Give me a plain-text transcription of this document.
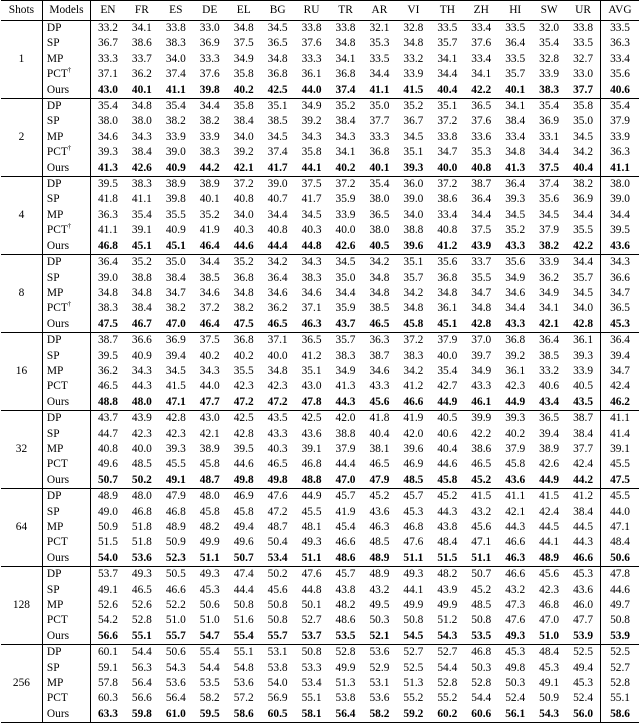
Shots	Models	EN	FR	ES	DE	EL	BG	RU	TR	AR	VI	TH	ZH	HI	SW	UR	AVG
1	DP	33.2	34.1	33.8	33.0	34.8	34.5	33.8	33.8	32.1	32.8	33.5	33.4	33.5	32.0	33.8	33.5
	SP	36.7	38.6	38.3	36.9	37.5	36.5	37.6	34.8	35.3	34.8	35.7	37.6	36.4	35.4	33.5	36.3
	MP	33.3	33.7	34.0	33.3	34.9	34.8	33.3	34.1	33.5	33.2	34.1	33.4	33.5	32.8	32.7	33.4
	PCT†	37.1	36.2	37.4	37.6	35.8	36.8	36.1	36.8	34.4	33.9	34.4	34.1	35.7	33.9	33.0	35.6
	Ours	43.0	40.1	41.1	39.8	40.2	42.5	44.0	37.4	41.1	41.5	40.4	42.2	40.1	38.3	37.7	40.6
2	DP	35.4	34.8	35.4	34.4	35.8	35.1	34.9	35.2	35.0	35.2	35.1	36.5	34.1	35.4	35.8	35.4
	SP	38.0	38.0	38.2	38.2	38.4	38.5	39.2	38.4	37.7	36.7	37.2	37.6	38.4	36.9	35.0	37.9
	MP	34.6	34.3	33.9	33.9	34.0	34.5	34.3	34.3	33.3	34.5	33.8	33.6	33.4	33.1	34.5	33.9
	PCT†	39.3	38.4	39.0	38.3	39.2	37.4	35.8	34.1	36.8	35.1	34.7	35.3	34.8	34.4	34.2	36.3
	Ours	41.3	42.6	40.9	44.2	42.1	41.7	44.1	40.2	40.1	39.3	40.0	40.8	41.3	37.5	40.4	41.1
4	DP	39.5	38.3	38.9	38.9	37.2	39.0	37.5	37.2	35.4	36.0	37.2	38.7	36.4	37.4	38.2	38.0
	SP	41.8	41.1	39.8	40.1	40.8	40.7	41.7	35.9	38.0	39.0	38.6	36.4	39.3	35.6	36.9	39.0
	MP	36.3	35.4	35.5	35.2	34.0	34.4	34.5	33.9	36.5	34.0	33.4	34.4	34.5	34.5	34.4	34.4
	PCT†	41.1	39.1	40.9	41.9	40.3	40.8	40.3	40.0	38.0	38.8	40.8	37.5	35.2	37.9	35.5	39.5
	Ours	46.8	45.1	45.1	46.4	44.6	44.4	44.8	42.6	40.5	39.6	41.2	43.9	43.3	38.2	42.2	43.6
8	DP	36.4	35.2	35.0	34.4	35.2	34.2	34.3	34.5	34.2	35.1	35.6	33.7	35.6	33.9	34.4	34.3
	SP	39.0	38.8	38.4	38.5	36.8	36.4	38.3	35.0	34.8	35.7	36.8	35.5	34.9	36.2	35.7	36.6
	MP	34.8	34.8	34.7	34.6	34.8	34.6	34.6	34.4	34.8	34.2	34.8	34.7	34.6	34.9	34.5	34.7
	PCT†	38.3	38.4	38.2	37.2	38.2	36.2	37.1	35.9	38.5	34.8	36.1	34.8	34.4	34.1	34.0	36.5
	Ours	47.5	46.7	47.0	46.4	47.5	46.5	46.3	43.7	46.5	45.8	45.1	42.8	43.3	42.1	42.8	45.3
16	DP	38.7	36.6	36.9	37.5	36.8	37.1	36.5	35.7	36.3	37.2	37.9	37.0	36.8	36.4	36.1	36.4
	SP	39.5	40.9	39.4	40.2	40.2	40.0	41.2	38.3	38.7	38.3	40.0	39.7	39.2	38.5	39.3	39.4
	MP	36.2	34.3	34.5	34.3	35.5	34.8	35.1	34.9	34.6	34.2	35.4	34.9	36.1	33.2	33.9	34.7
	PCT	46.5	44.3	41.5	44.0	42.3	42.3	43.0	41.3	43.3	41.2	42.7	43.3	42.3	40.6	40.5	42.4
	Ours	48.8	48.0	47.1	47.7	47.2	47.2	47.8	44.3	45.6	46.6	44.9	46.1	44.9	43.4	43.5	46.2
32	DP	43.7	43.9	42.8	43.0	42.5	43.5	42.5	42.0	41.8	41.9	40.5	39.9	39.3	36.5	38.7	41.1
	SP	44.7	42.3	42.3	42.1	42.8	43.3	43.6	38.8	40.4	42.0	40.6	42.2	40.2	39.4	38.4	41.4
	MP	40.8	40.0	39.3	38.9	39.5	40.3	39.1	37.9	38.1	39.6	40.4	38.6	37.9	38.9	37.7	39.1
	PCT	49.6	48.5	45.5	45.8	44.6	46.5	46.8	44.4	46.5	46.9	44.6	46.5	45.8	42.6	42.4	45.5
	Ours	50.7	50.2	49.1	48.7	49.8	49.8	48.8	47.0	47.9	48.5	45.8	45.2	43.6	44.9	44.2	47.5
64	DP	48.9	48.0	47.9	48.0	46.9	47.6	44.9	45.7	45.2	45.7	45.2	41.5	41.1	41.5	41.2	45.5
	SP	49.0	46.8	46.8	45.8	45.8	47.2	45.5	41.9	43.6	45.3	44.3	43.2	42.1	42.4	38.4	44.0
	MP	50.9	51.8	48.9	48.2	49.4	48.7	48.1	45.4	46.3	46.8	43.8	45.6	44.3	44.5	44.5	47.1
	PCT	51.5	51.8	50.9	49.9	49.6	50.4	49.3	46.6	48.5	47.6	48.4	47.1	46.6	44.1	44.3	48.4
	Ours	54.0	53.6	52.3	51.1	50.7	53.4	51.1	48.6	48.9	51.1	51.5	51.1	46.3	48.9	46.6	50.6
128	DP	53.7	49.3	50.5	49.3	47.4	50.2	47.6	45.7	48.9	49.3	48.2	50.7	46.6	45.6	45.3	47.8
	SP	49.1	46.5	46.6	45.3	44.4	45.6	44.8	43.8	43.2	44.1	43.9	45.2	43.2	42.3	43.6	44.6
	MP	52.6	52.6	52.2	50.6	50.8	50.8	50.1	48.2	49.5	49.9	49.9	48.5	47.3	46.8	46.0	49.7
	PCT	54.2	52.8	51.0	51.0	51.6	50.8	52.7	48.6	50.3	50.8	51.2	50.8	47.6	47.0	47.7	50.8
	Ours	56.6	55.1	55.7	54.7	55.4	55.7	53.7	53.5	52.1	54.5	54.3	53.5	49.3	51.0	53.9	53.9
256	DP	60.1	54.4	50.6	55.4	55.1	53.1	50.8	52.8	53.6	52.7	52.7	46.8	45.3	48.4	52.5	52.5
	SP	59.1	56.3	54.3	54.4	54.8	53.8	53.3	49.9	52.9	52.5	54.4	50.3	49.8	45.3	49.4	52.7
	MP	57.8	56.4	53.6	53.5	53.6	54.0	53.4	51.3	53.1	51.3	52.8	52.8	50.3	49.1	45.3	52.8
	PCT	60.3	56.6	56.4	58.2	57.2	56.9	55.1	53.8	53.6	55.2	55.2	54.4	52.4	50.9	52.4	55.1
	Ours	63.3	59.8	61.0	59.5	58.6	60.5	58.1	56.4	58.2	59.2	60.2	60.6	56.1	54.3	56.0	58.6
